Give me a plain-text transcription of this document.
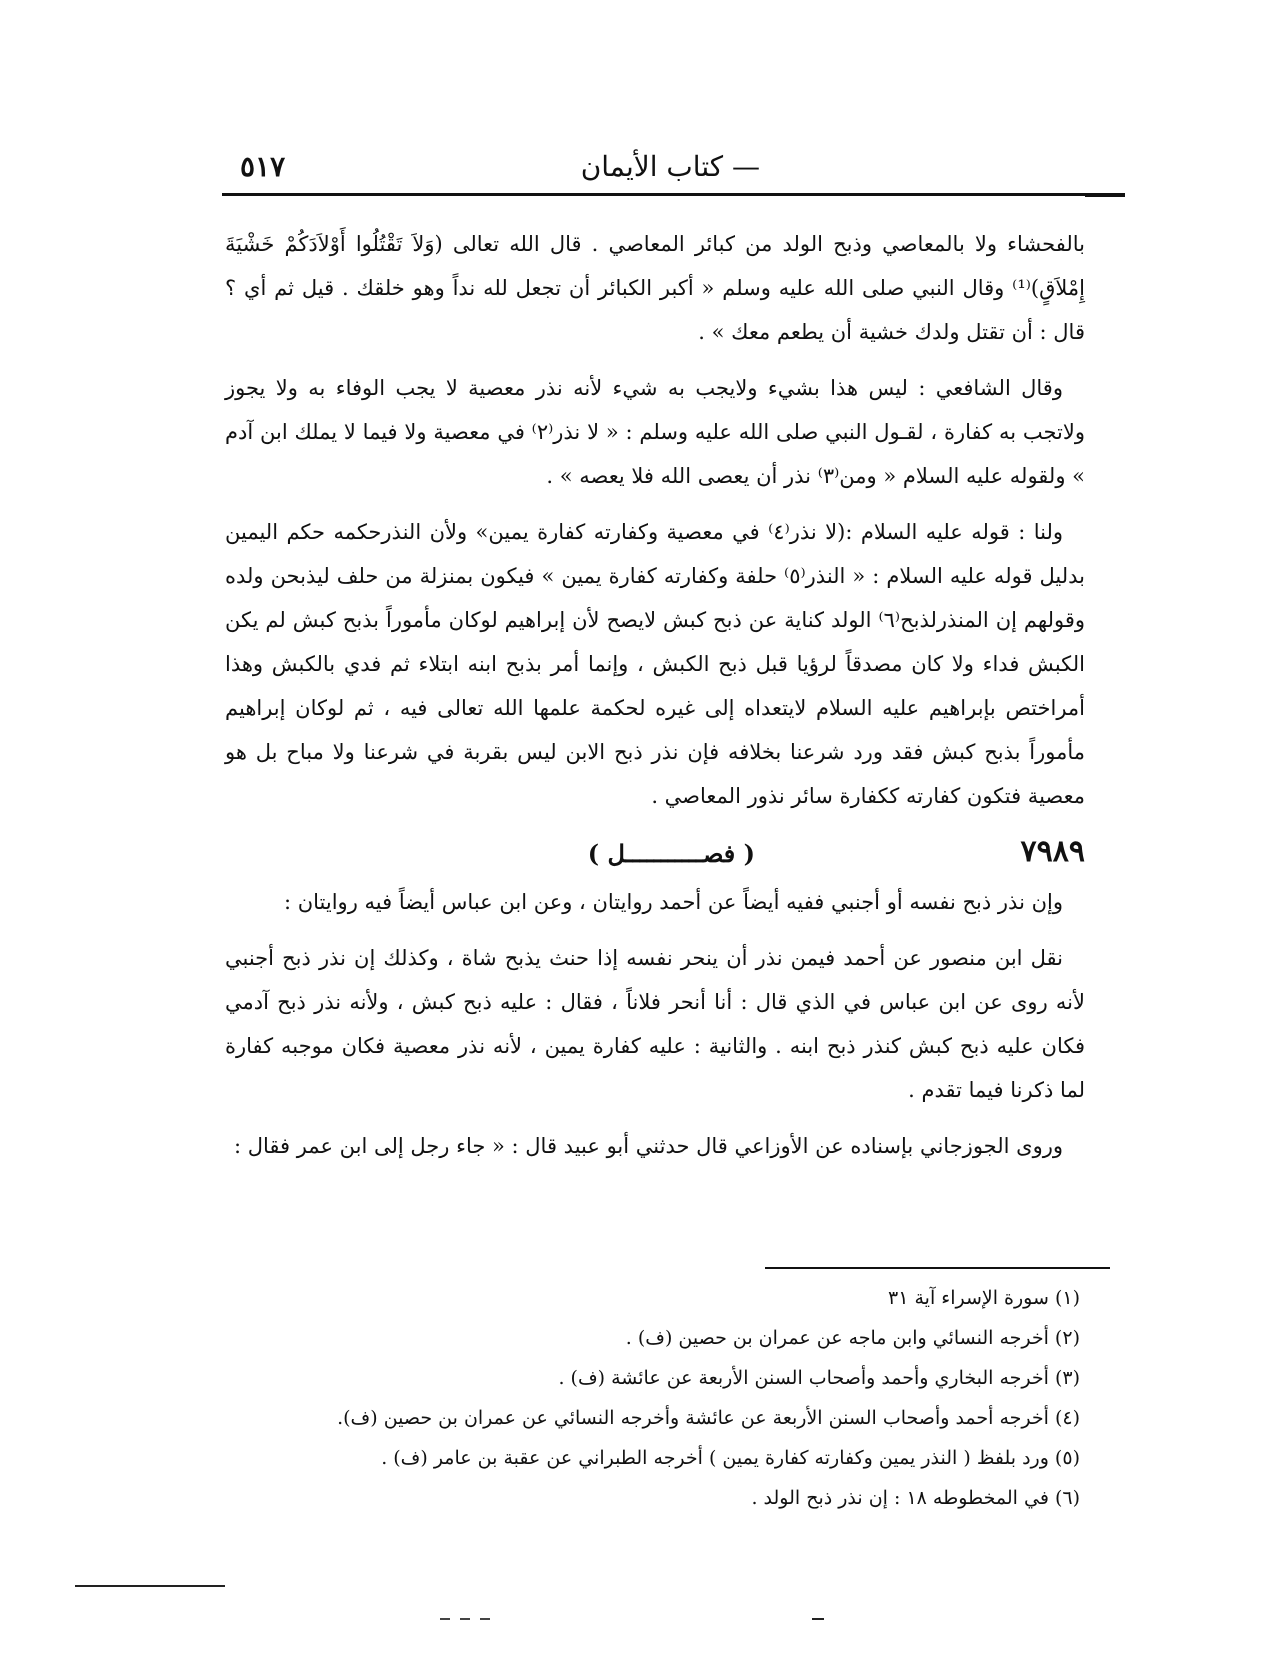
٥١٧	— كتاب الأيمان

بالفحشاء ولا بالمعاصي وذبح الولد من كبائر المعاصي . قال الله تعالى (وَلاَ تَقْتُلُوا أَوْلاَدَكُمْ خَشْيَةَ إِمْلاَقٍ)⁽¹⁾ وقال النبي صلى الله عليه وسلم « أكبر الكبائر أن تجعل لله نداً وهو خلقك . قيل ثم أي ؟ قال : أن تقتل ولدك خشية أن يطعم معك » .

وقال الشافعي : ليس هذا بشيء ولايجب به شيء لأنه نذر معصية لا يجب الوفاء به ولا يجوز ولاتجب به كفارة ، لقـول النبي صلى الله عليه وسلم : « لا نذر⁽٢⁾ في معصية ولا فيما لا يملك ابن آدم » ولقوله عليه السلام « ومن⁽٣⁾ نذر أن يعصى الله فلا يعصه » .

ولنا : قوله عليه السلام :(لا نذر⁽٤⁾ في معصية وكفارته كفارة يمين» ولأن النذرحكمه حكم اليمين بدليل قوله عليه السلام : « النذر⁽٥⁾ حلفة وكفارته كفارة يمين » فيكون بمنزلة من حلف ليذبحن ولده وقولهم إن المنذرلذبح⁽٦⁾ الولد كناية عن ذبح كبش لايصح لأن إبراهيم لوكان مأموراً بذبح كبش لم يكن الكبش فداء ولا كان مصدقاً لرؤيا قبل ذبح الكبش ، وإنما أمر بذبح ابنه ابتلاء ثم فدي بالكبش وهذا أمراختص بإبراهيم عليه السلام لايتعداه إلى غيره لحكمة علمها الله تعالى فيه ، ثم لوكان إبراهيم مأموراً بذبح كبش فقد ورد شرعنا بخلافه فإن نذر ذبح الابن ليس بقربة في شرعنا ولا مباح بل هو معصية فتكون كفارته ككفارة سائر نذور المعاصي .

٧٩٨٩
( فصـــــــــــل )

وإن نذر ذبح نفسه أو أجنبي ففيه أيضاً عن أحمد روايتان ، وعن ابن عباس أيضاً فيه روايتان :

نقل ابن منصور عن أحمد فيمن نذر أن ينحر نفسه إذا حنث يذبح شاة ، وكذلك إن نذر ذبح أجنبي لأنه روى عن ابن عباس في الذي قال : أنا أنحر فلاناً ، فقال : عليه ذبح كبش ، ولأنه نذر ذبح آدمي فكان عليه ذبح كبش كنذر ذبح ابنه . والثانية : عليه كفارة يمين ، لأنه نذر معصية فكان موجبه كفارة لما ذكرنا فيما تقدم .

وروى الجوزجاني بإسناده عن الأوزاعي قال حدثني أبو عبيد قال : « جاء رجل إلى ابن عمر فقال :

(١) سورة الإسراء آية ٣١
(٢) أخرجه النسائي وابن ماجه عن عمران بن حصين (ف) .
(٣) أخرجه البخاري وأحمد وأصحاب السنن الأربعة عن عائشة (ف) .
(٤) أخرجه أحمد وأصحاب السنن الأربعة عن عائشة وأخرجه النسائي عن عمران بن حصين (ف).
(٥) ورد بلفظ ( النذر يمين وكفارته كفارة يمين ) أخرجه الطبراني عن عقبة بن عامر (ف) .
(٦) في المخطوطه ١٨ : إن نذر ذبح الولد .
